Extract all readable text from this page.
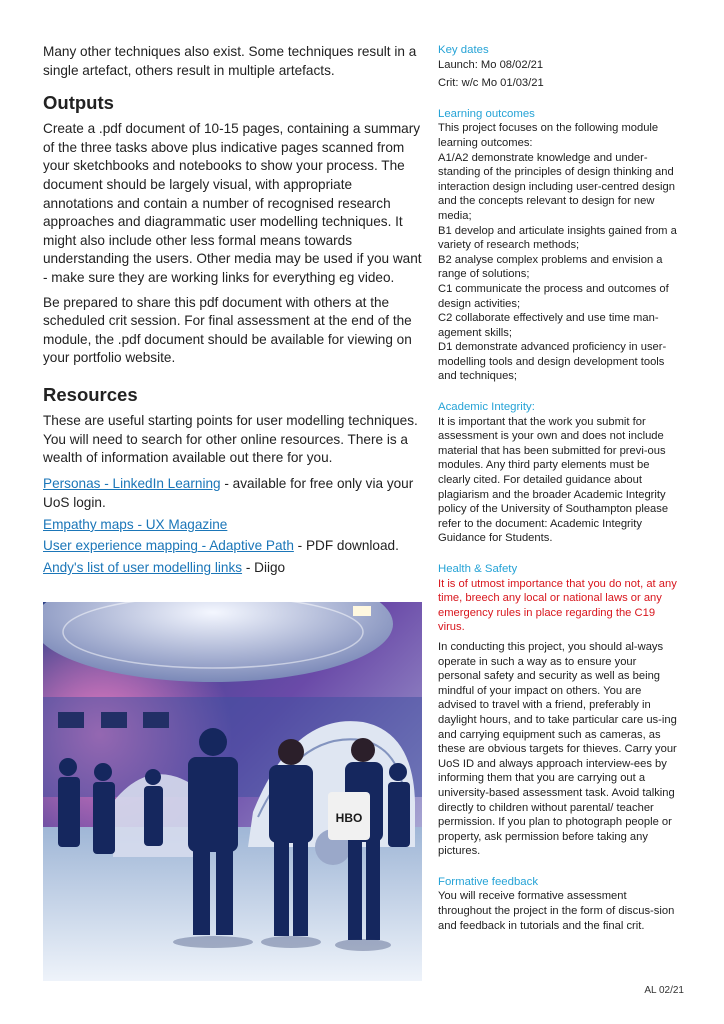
Many other techniques also exist. Some techniques result in a single artefact, others result in multiple artefacts.

Outputs

Create a .pdf document of 10-15 pages, containing a summary of the three tasks above plus indicative pages scanned from your sketchbooks and notebooks to show your process. The document should be largely visual, with appropriate annotations and contain a number of recognised research approaches and diagrammatic user modelling techniques. It might also include other less formal means towards understanding the users. Other media may be used if you want - make sure they are working links for everything eg video.

Be prepared to share this pdf document with others at the scheduled crit session. For final assessment at the end of the module, the .pdf document should be available for viewing on your portfolio website.

Resources

These are useful starting points for user modelling techniques. You will need to search for other online resources. There is a wealth of information available out there for you.

Personas - LinkedIn Learning - available for free only via your UoS login.
Empathy maps - UX Magazine
User experience mapping - Adaptive Path - PDF download.
Andy's list of user modelling links - Diigo
HBO
Key dates
Launch: Mo 08/02/21
Crit: w/c Mo 01/03/21
Learning outcomes
This project focuses on the following module learning outcomes:
A1/A2 demonstrate knowledge and under-standing of the principles of design thinking and interaction design including user-centred design and the concepts relevant to design for new media;
B1 develop and articulate insights gained from a variety of research methods;
B2 analyse complex problems and envision a range of solutions;
C1 communicate the process and outcomes of design activities;
C2 collaborate effectively and use time man-agement skills;
D1 demonstrate advanced proficiency in user-modelling tools and design development tools and techniques;
Academic Integrity:
It is important that the work you submit for assessment is your own and does not include material that has been submitted for previ-ous modules. Any third party elements must be clearly cited. For detailed guidance about plagiarism and the broader Academic Integrity policy of the University of Southampton please refer to the document: Academic Integrity Guidance for Students.
Health & Safety
It is of utmost importance that you do not, at any time, breech any local or national laws or any emergency rules in place regarding the C19 virus.
In conducting this project, you should al-ways operate in such a way as to ensure your personal safety and security as well as being mindful of your impact on others. You are advised to travel with a friend, preferably in daylight hours, and to take particular care us-ing and carrying equipment such as cameras, as these are obvious targets for thieves. Carry your UoS ID and always approach interview-ees by informing them that you are carrying out a university-based assessment task. Avoid talking directly to children without parental/ teacher permission. If you plan to photograph people or property, ask permission before taking any pictures.
Formative feedback
You will receive formative assessment throughout the project in the form of discus-sion and feedback in tutorials and the final crit.
AL 02/21
